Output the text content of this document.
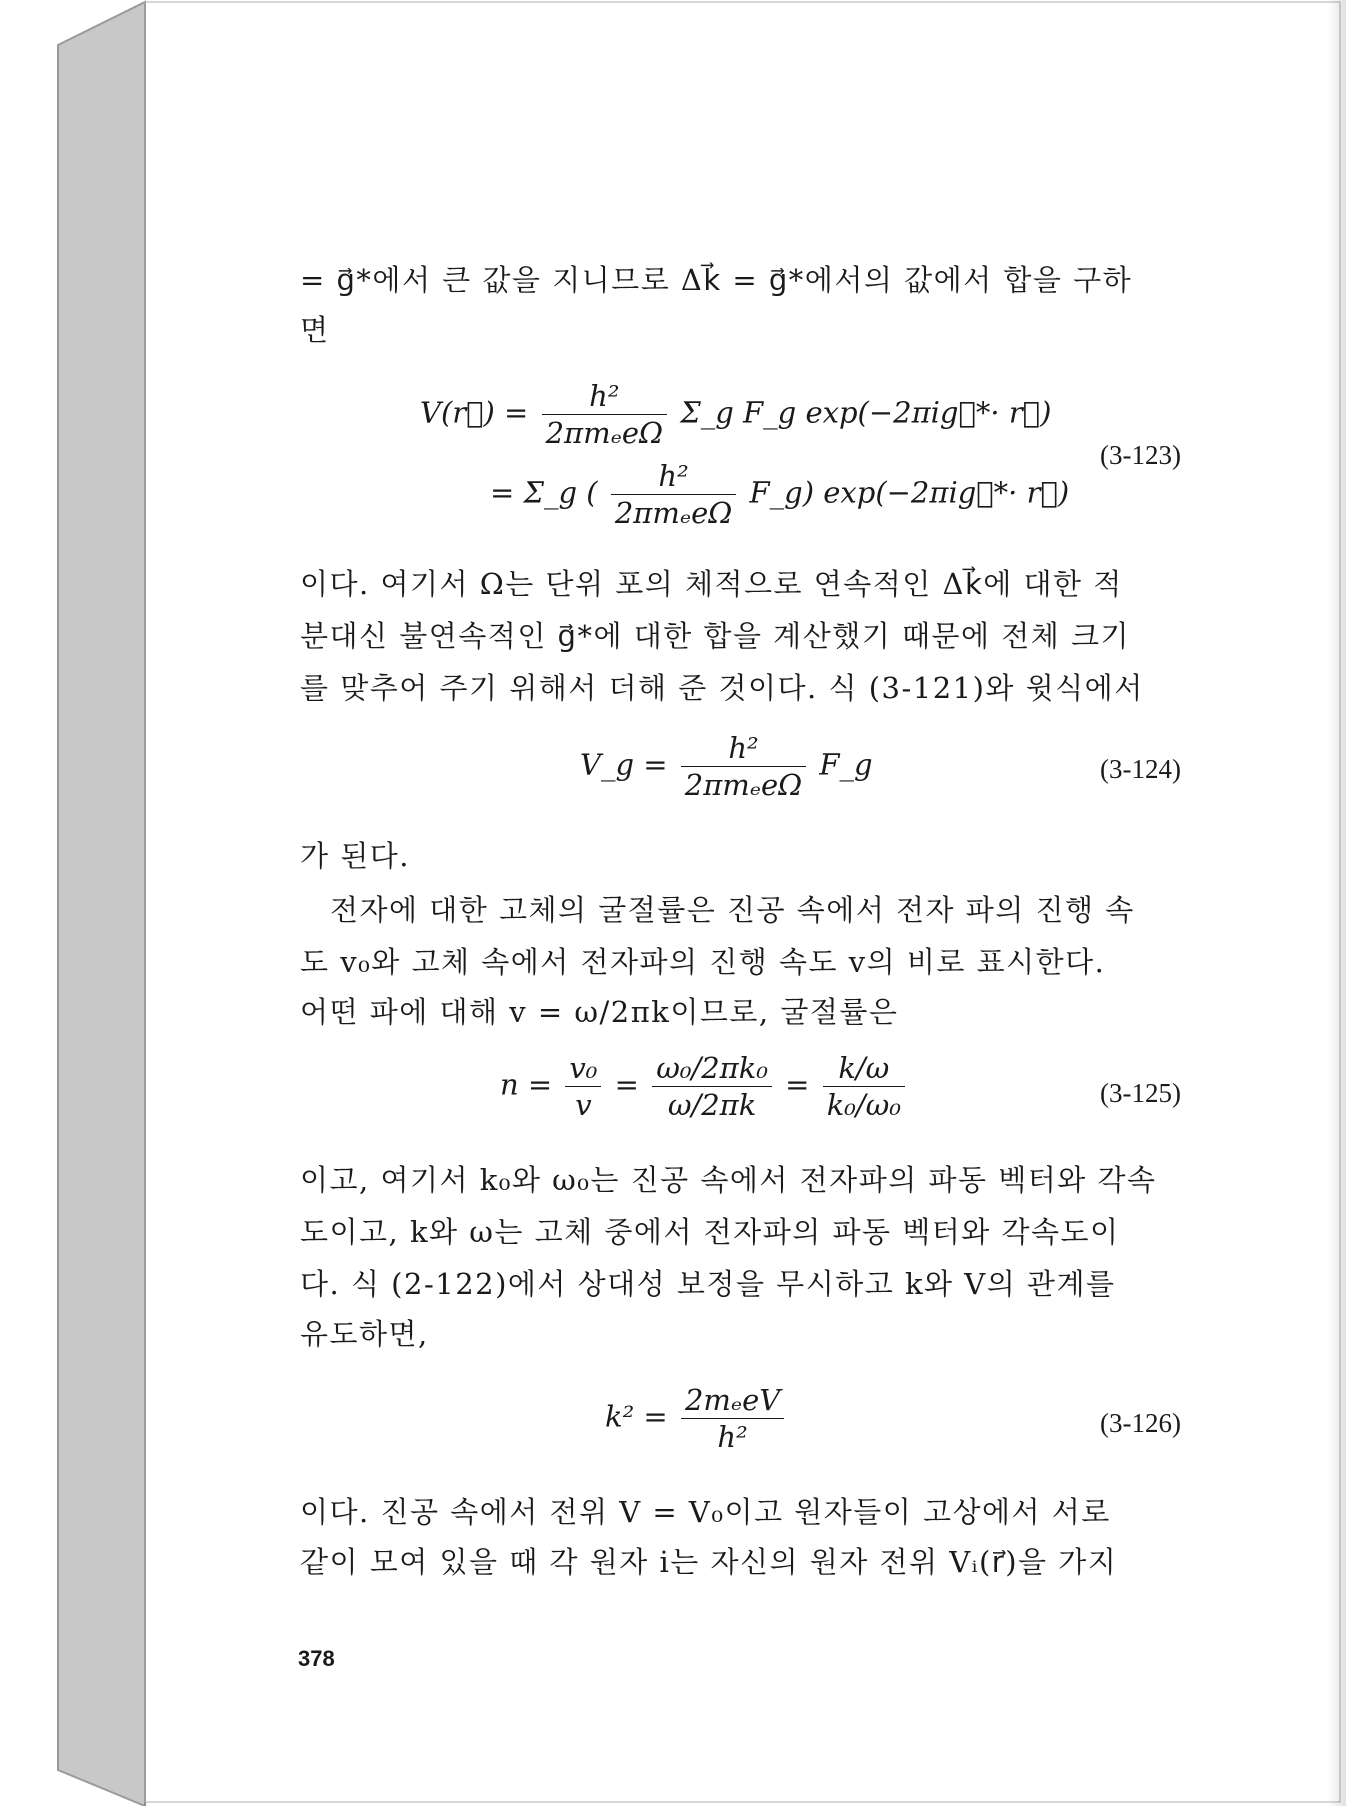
= g⃗*에서 큰 값을 지니므로 Δk⃗ = g⃗*에서의 값에서 합을 구하
면
V(r⃗) = $\frac{\text{h²}}{\text{2πmₑeΩ}}$ Σ_g F_g exp(−2πig⃗*· r⃗)
= Σ_g ( $\frac{\text{h²}}{\text{2πmₑeΩ}}$ F_g) exp(−2πig⃗*· r⃗)
(3-123)
이다. 여기서 Ω는 단위 포의 체적으로 연속적인 Δk⃗에 대한 적
분대신 불연속적인 g⃗*에 대한 합을 계산했기 때문에 전체 크기
를 맞추어 주기 위해서 더해 준 것이다. 식 (3-121)와 윗식에서
V_g = $\frac{\text{h²}}{\text{2πmₑeΩ}}$ F_g	(3-124)
가 된다.
전자에 대한 고체의 굴절률은 진공 속에서 전자 파의 진행 속
도 v₀와 고체 속에서 전자파의 진행 속도 v의 비로 표시한다.
어떤 파에 대해 v = ω/2πk이므로, 굴절률은
$n = \frac{\text{v₀}}{v} = \frac{\text{ω₀/2πk₀}}{\omega/2\pi k} = \frac{k/\omega}{\text{k₀/ω₀}}$	(3-125)
이고, 여기서 k₀와 ω₀는 진공 속에서 전자파의 파동 벡터와 각속
도이고, k와 ω는 고체 중에서 전자파의 파동 벡터와 각속도이
다. 식 (2-122)에서 상대성 보정을 무시하고 k와 V의 관계를
유도하면,
$k^2 = \frac{\text{2mₑeV}}{\text{h²}}$	(3-126)
이다. 진공 속에서 전위 V = V₀이고 원자들이 고상에서 서로
같이 모여 있을 때 각 원자 i는 자신의 원자 전위 Vᵢ(r⃗)을 가지
378
